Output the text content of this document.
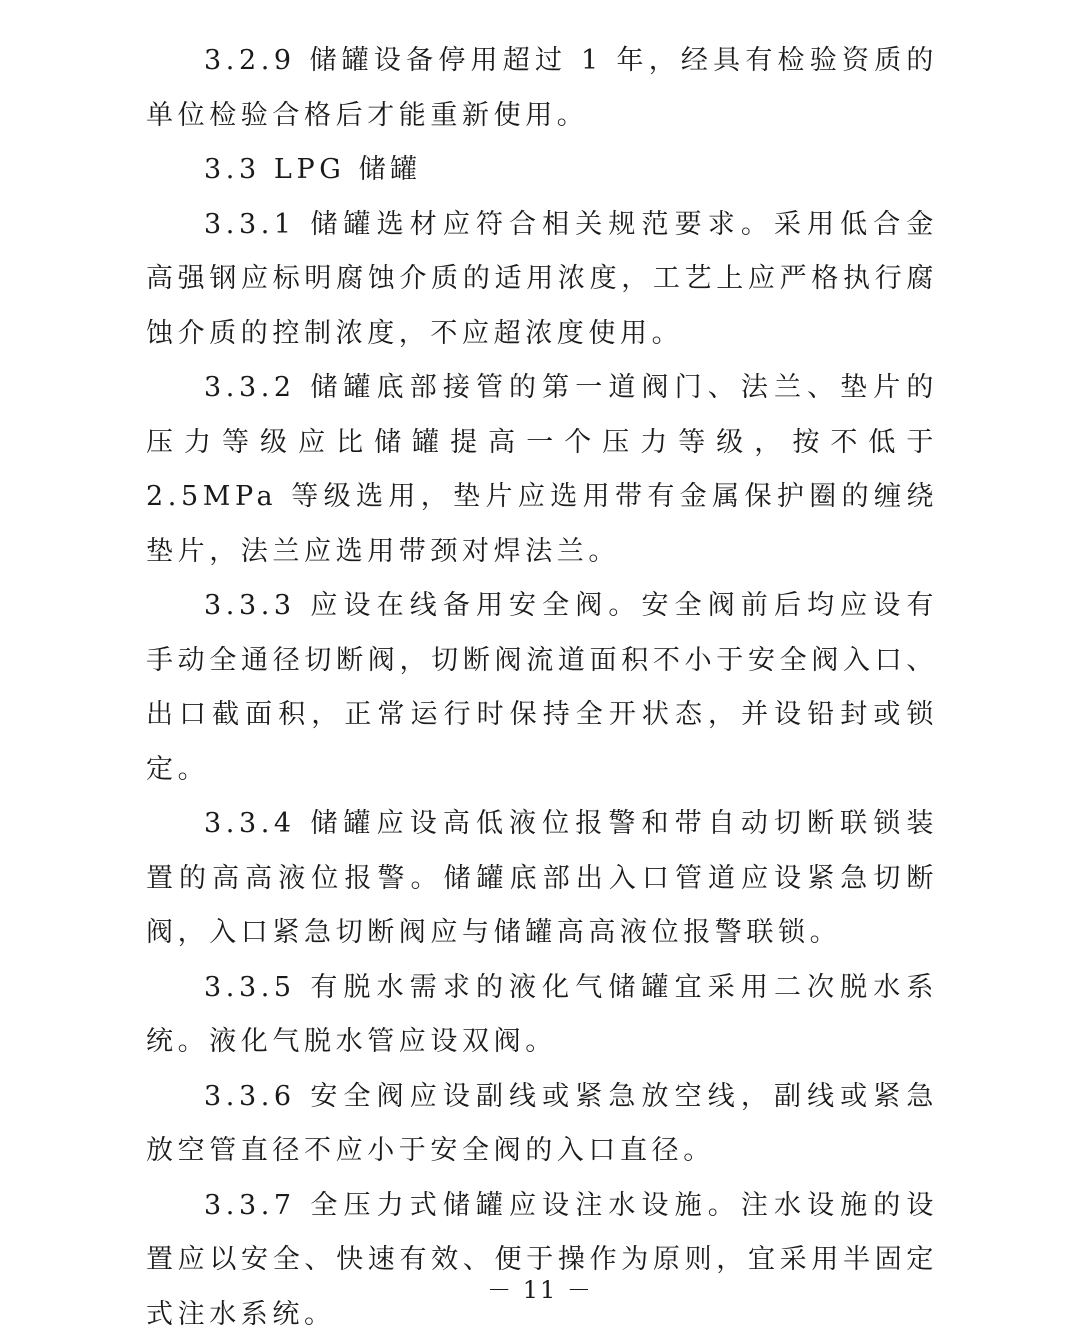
3.2.9 储罐设备停用超过 1 年，经具有检验资质的单位检验合格后才能重新使用。

3.3 LPG 储罐

3.3.1 储罐选材应符合相关规范要求。采用低合金高强钢应标明腐蚀介质的适用浓度，工艺上应严格执行腐蚀介质的控制浓度，不应超浓度使用。

3.3.2 储罐底部接管的第一道阀门、法兰、垫片的压力等级应比储罐提高一个压力等级，按不低于 2.5MPa 等级选用，垫片应选用带有金属保护圈的缠绕垫片，法兰应选用带颈对焊法兰。

3.3.3 应设在线备用安全阀。安全阀前后均应设有手动全通径切断阀，切断阀流道面积不小于安全阀入口、出口截面积，正常运行时保持全开状态，并设铅封或锁定。

3.3.4 储罐应设高低液位报警和带自动切断联锁装置的高高液位报警。储罐底部出入口管道应设紧急切断阀，入口紧急切断阀应与储罐高高液位报警联锁。

3.3.5 有脱水需求的液化气储罐宜采用二次脱水系统。液化气脱水管应设双阀。

3.3.6 安全阀应设副线或紧急放空线，副线或紧急放空管直径不应小于安全阀的入口直径。

3.3.7 全压力式储罐应设注水设施。注水设施的设置应以安全、快速有效、便于操作为原则，宜采用半固定式注水系统。

－ 11 －
